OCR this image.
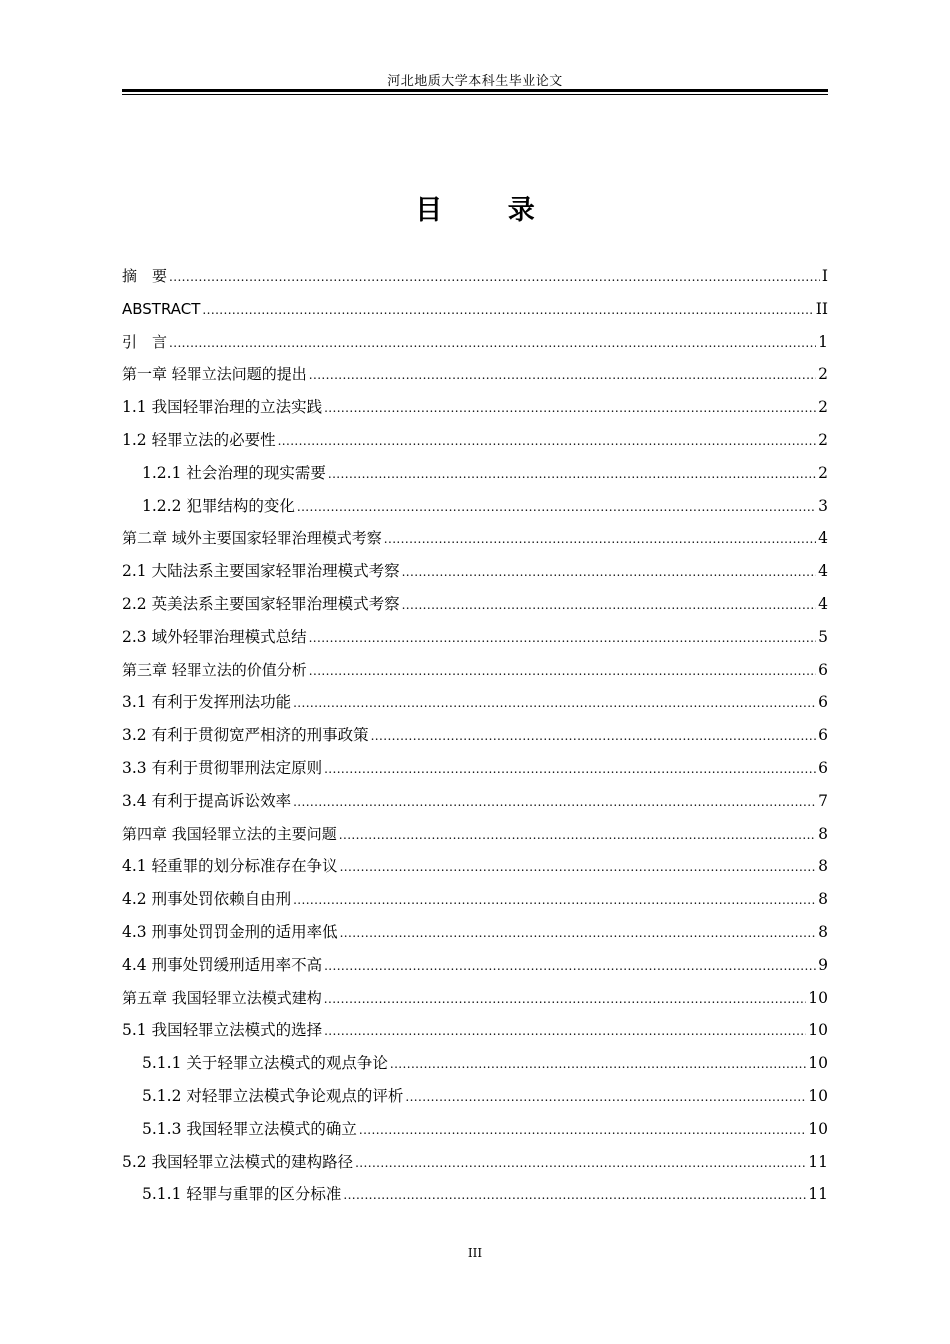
河北地质大学本科生毕业论文
目 录
摘　要 .....	I
ABSTRACT .....	II
引　言 .....	1
第一章 轻罪立法问题的提出 .....	2
1.1 我国轻罪治理的立法实践 .....	2
1.2 轻罪立法的必要性 .....	2
1.2.1 社会治理的现实需要 .....	2
1.2.2 犯罪结构的变化 .....	3
第二章 域外主要国家轻罪治理模式考察 .....	4
2.1 大陆法系主要国家轻罪治理模式考察 .....	4
2.2 英美法系主要国家轻罪治理模式考察 .....	4
2.3 域外轻罪治理模式总结 .....	5
第三章 轻罪立法的价值分析 .....	6
3.1 有利于发挥刑法功能 .....	6
3.2 有利于贯彻宽严相济的刑事政策 .....	6
3.3 有利于贯彻罪刑法定原则 .....	6
3.4 有利于提高诉讼效率 .....	7
第四章 我国轻罪立法的主要问题 .....	8
4.1 轻重罪的划分标准存在争议 .....	8
4.2 刑事处罚依赖自由刑 .....	8
4.3 刑事处罚罚金刑的适用率低 .....	8
4.4 刑事处罚缓刑适用率不高 .....	9
第五章 我国轻罪立法模式建构 .....	10
5.1 我国轻罪立法模式的选择 .....	10
5.1.1 关于轻罪立法模式的观点争论 .....	10
5.1.2 对轻罪立法模式争论观点的评析 .....	10
5.1.3 我国轻罪立法模式的确立 .....	10
5.2 我国轻罪立法模式的建构路径 .....	11
5.1.1 轻罪与重罪的区分标准 .....	11
III
